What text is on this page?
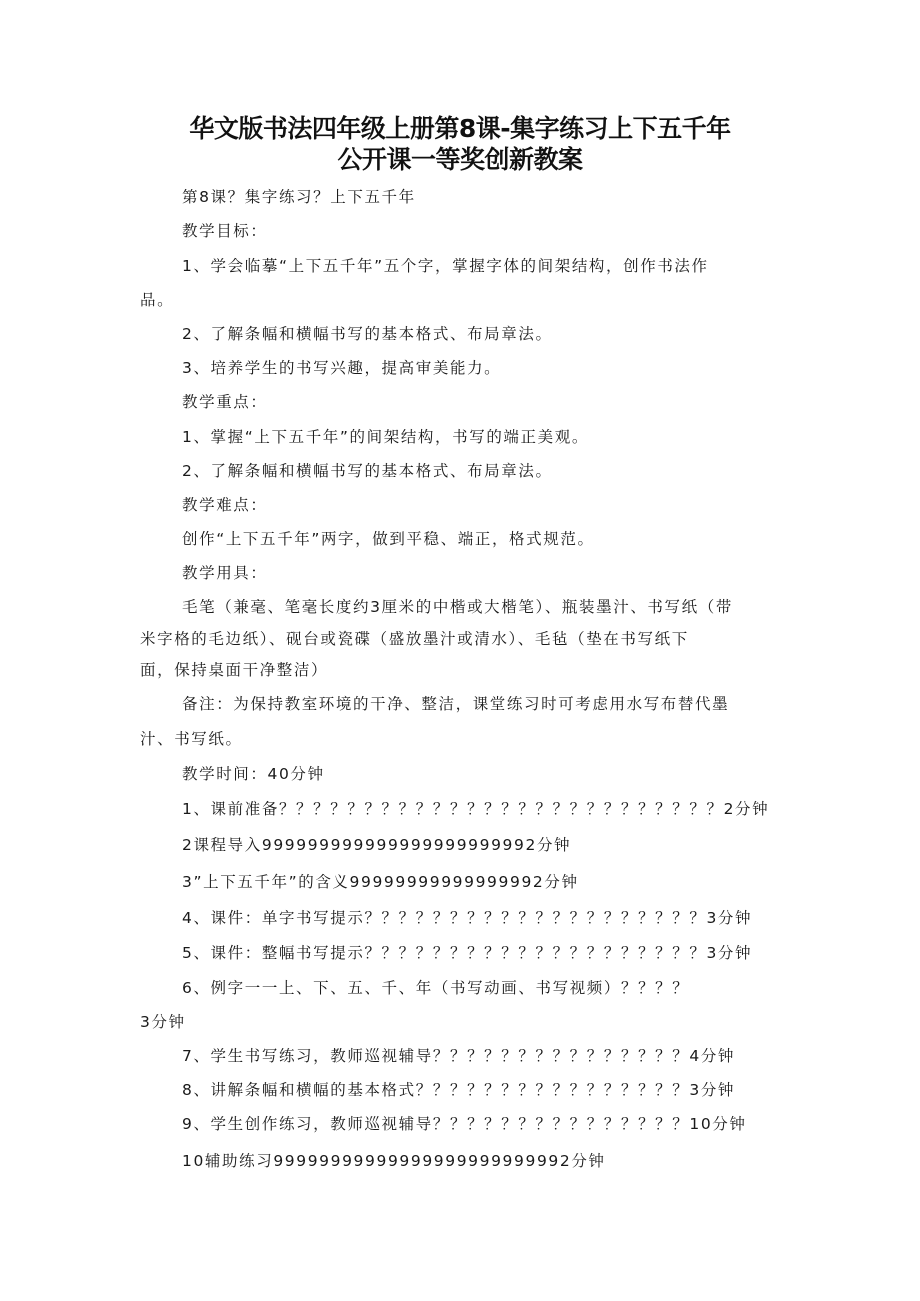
华文版书法四年级上册第8课-集字练习上下五千年
公开课一等奖创新教案
第8课？集字练习？上下五千年
教学目标：
1、学会临摹“上下五千年”五个字，掌握字体的间架结构，创作书法作
品。
2、了解条幅和横幅书写的基本格式、布局章法。
3、培养学生的书写兴趣，提高审美能力。
教学重点：
1、掌握“上下五千年”的间架结构，书写的端正美观。
2、了解条幅和横幅书写的基本格式、布局章法。
教学难点：
创作“上下五千年”两字，做到平稳、端正，格式规范。
教学用具：
毛笔（兼毫、笔毫长度约3厘米的中楷或大楷笔）、瓶装墨汁、书写纸（带
米字格的毛边纸）、砚台或瓷碟（盛放墨汁或清水）、毛毡（垫在书写纸下
面，保持桌面干净整洁）
备注：为保持教室环境的干净、整洁，课堂练习时可考虑用水写布替代墨
汁、书写纸。
教学时间：40分钟
1、课前准备？？？？？？？？？？？？？？？？？？？？？？？？？？2分钟
2课程导入999999999999999999999992分钟
3”上下五千年”的含义99999999999999992分钟
4、课件：单字书写提示？？？？？？？？？？？？？？？？？？？？3分钟
5、课件：整幅书写提示？？？？？？？？？？？？？？？？？？？？3分钟
6、例字一一上、下、五、千、年（书写动画、书写视频）？？？？
3分钟
7、学生书写练习，教师巡视辅导？？？？？？？？？？？？？？？4分钟
8、讲解条幅和横幅的基本格式？？？？？？？？？？？？？？？？3分钟
9、学生创作练习，教师巡视辅导？？？？？？？？？？？？？？？10分钟
10辅助练习99999999999999999999999992分钟
